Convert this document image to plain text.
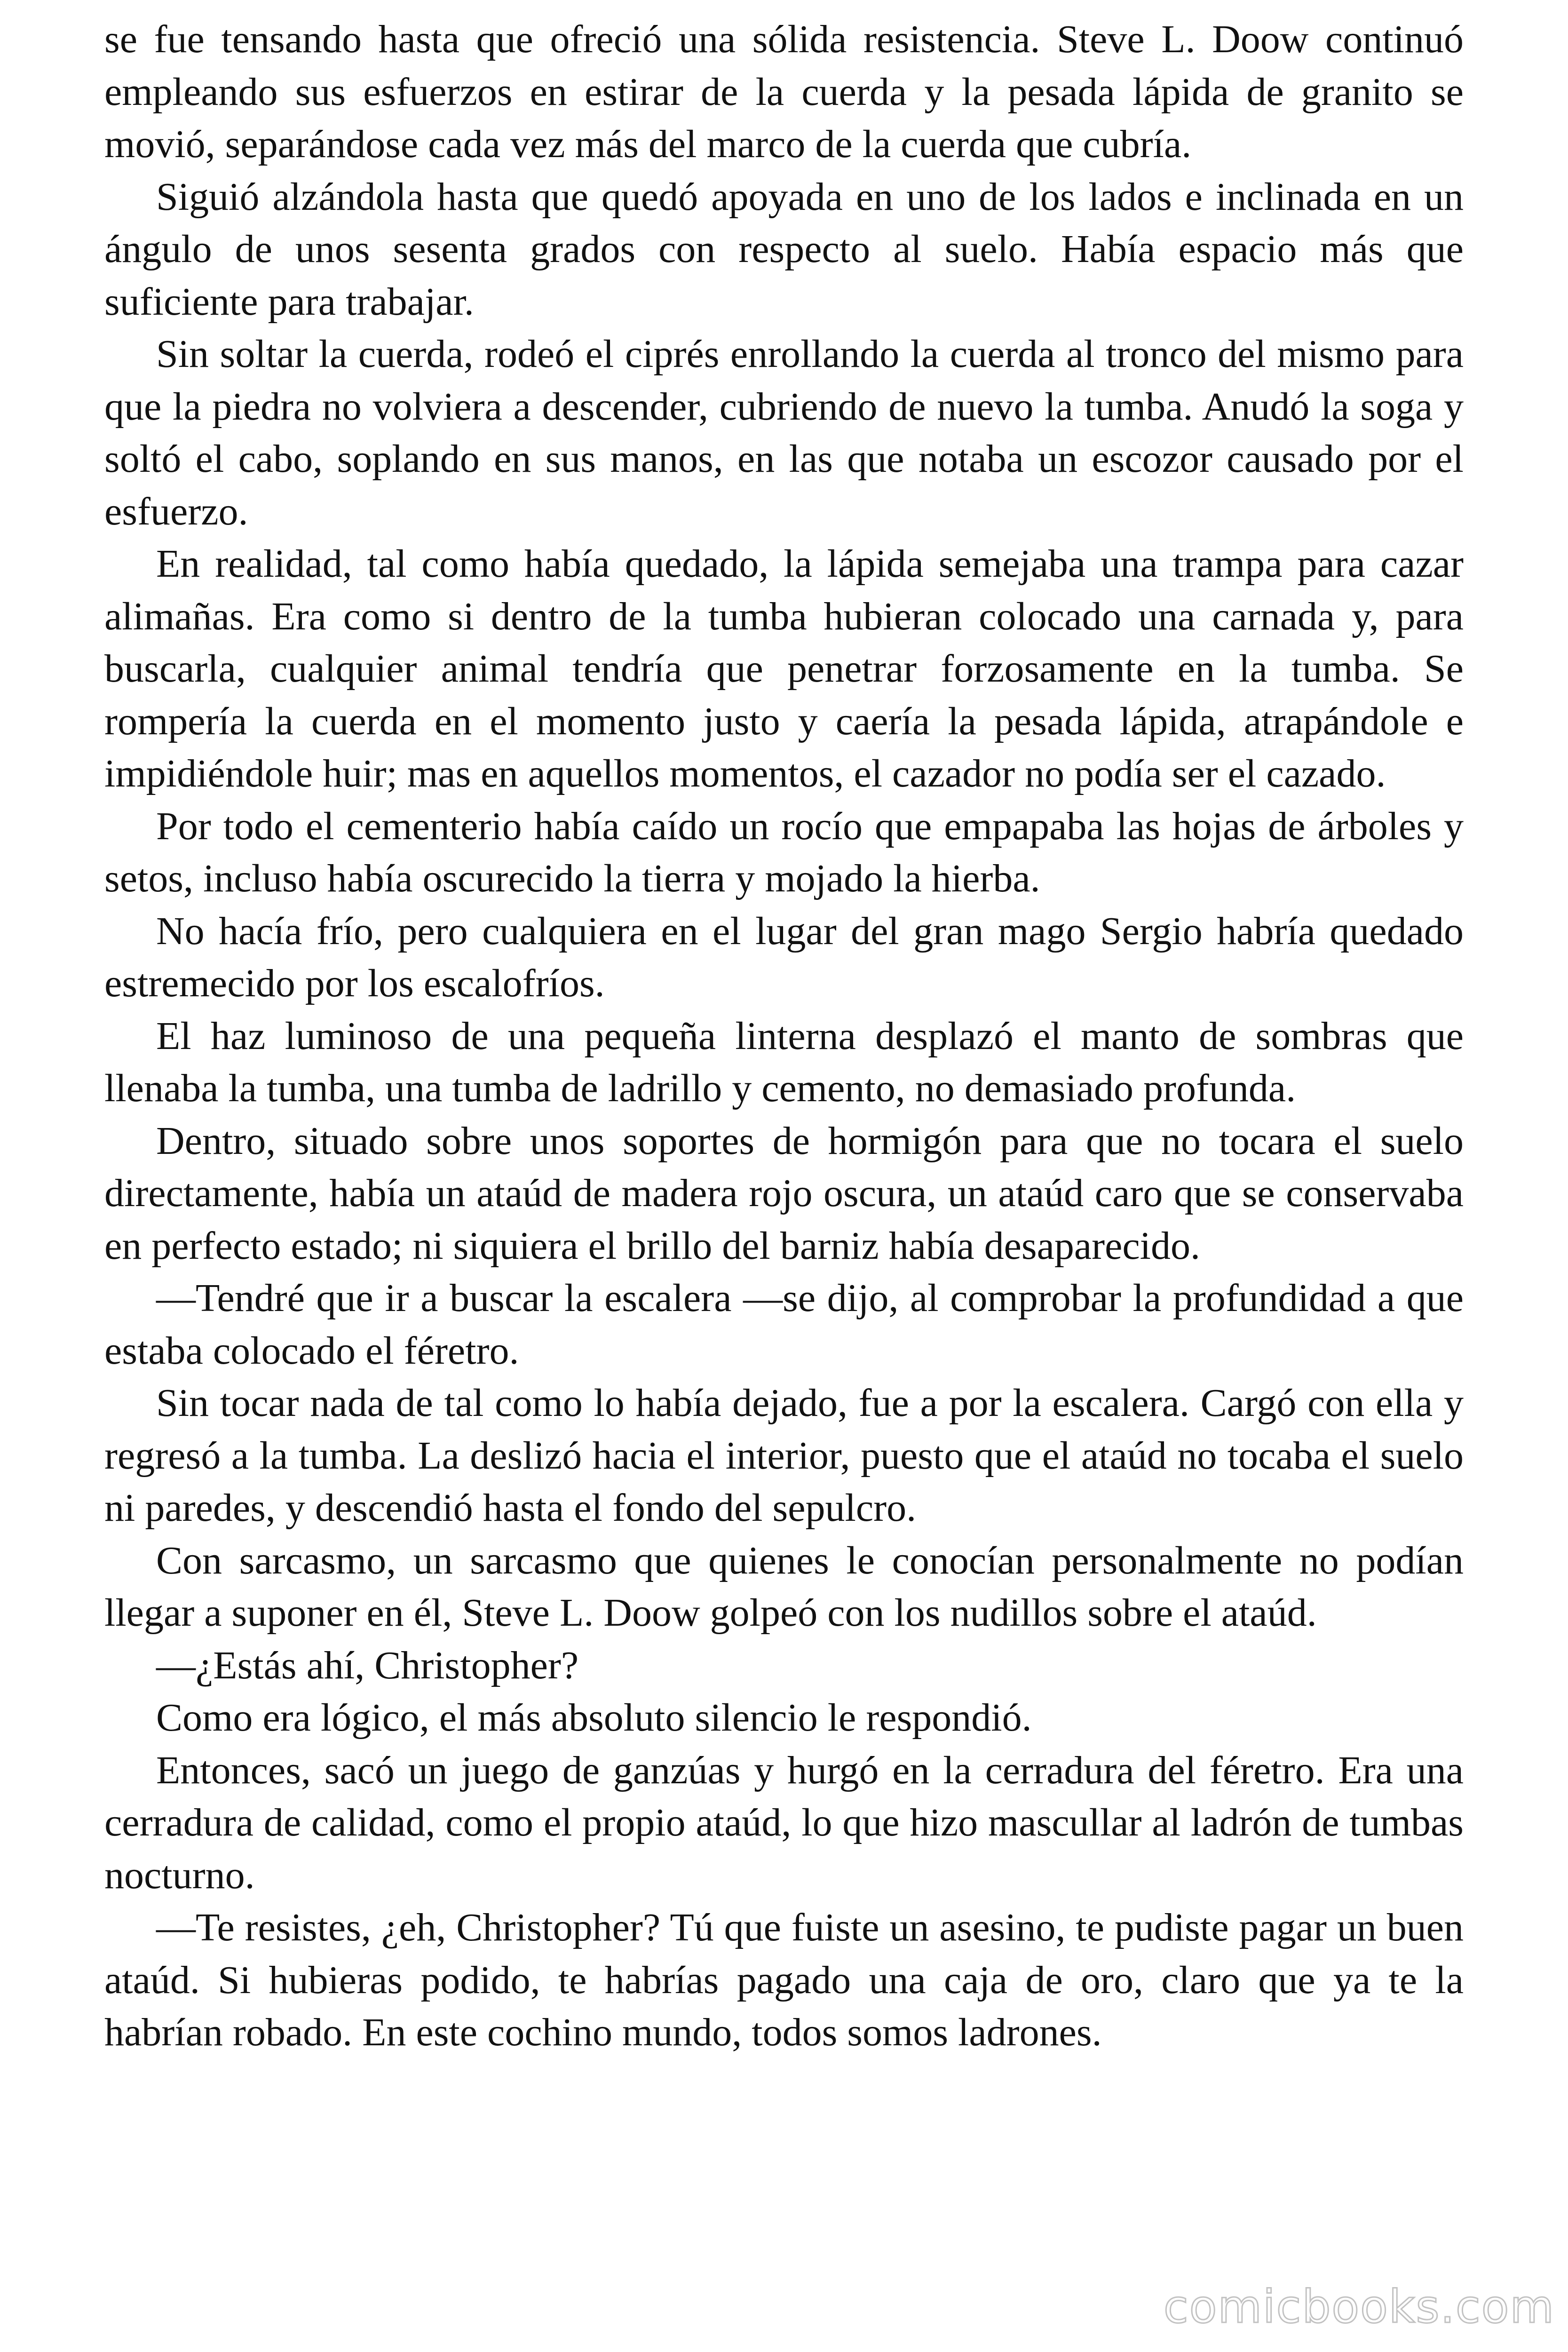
se fue tensando hasta que ofreció una sólida resistencia. Steve L. Doow continuó empleando sus esfuerzos en estirar de la cuerda y la pesada lápida de granito se movió, separándose cada vez más del marco de la cuerda que cubría.

Siguió alzándola hasta que quedó apoyada en uno de los lados e inclinada en un ángulo de unos sesenta grados con respecto al suelo. Había espacio más que suficiente para trabajar.

Sin soltar la cuerda, rodeó el ciprés enrollando la cuerda al tronco del mismo para que la piedra no volviera a descender, cubriendo de nuevo la tumba. Anudó la soga y soltó el cabo, soplando en sus manos, en las que notaba un escozor causado por el esfuerzo.

En realidad, tal como había quedado, la lápida semejaba una trampa para cazar alimañas. Era como si dentro de la tumba hubieran colocado una carnada y, para buscarla, cualquier animal tendría que penetrar forzosamente en la tumba. Se rompería la cuerda en el momento justo y caería la pesada lápida, atrapándole e impidiéndole huir; mas en aquellos momentos, el cazador no podía ser el cazado.

Por todo el cementerio había caído un rocío que empapaba las hojas de árboles y setos, incluso había oscurecido la tierra y mojado la hierba.

No hacía frío, pero cualquiera en el lugar del gran mago Sergio habría quedado estremecido por los escalofríos.

El haz luminoso de una pequeña linterna desplazó el manto de sombras que llenaba la tumba, una tumba de ladrillo y cemento, no demasiado profunda.

Dentro, situado sobre unos soportes de hormigón para que no tocara el suelo directamente, había un ataúd de madera rojo oscura, un ataúd caro que se conservaba en perfecto estado; ni siquiera el brillo del barniz había desaparecido.

—Tendré que ir a buscar la escalera —se dijo, al comprobar la profundidad a que estaba colocado el féretro.

Sin tocar nada de tal como lo había dejado, fue a por la escalera. Cargó con ella y regresó a la tumba. La deslizó hacia el interior, puesto que el ataúd no tocaba el suelo ni paredes, y descendió hasta el fondo del sepulcro.

Con sarcasmo, un sarcasmo que quienes le conocían personalmente no podían llegar a suponer en él, Steve L. Doow golpeó con los nudillos sobre el ataúd.

—¿Estás ahí, Christopher?

Como era lógico, el más absoluto silencio le respondió.

Entonces, sacó un juego de ganzúas y hurgó en la cerradura del féretro. Era una cerradura de calidad, como el propio ataúd, lo que hizo mascullar al ladrón de tumbas nocturno.

—Te resistes, ¿eh, Christopher? Tú que fuiste un asesino, te pudiste pagar un buen ataúd. Si hubieras podido, te habrías pagado una caja de oro, claro que ya te la habrían robado. En este cochino mundo, todos somos ladrones.

comicbooks.com
